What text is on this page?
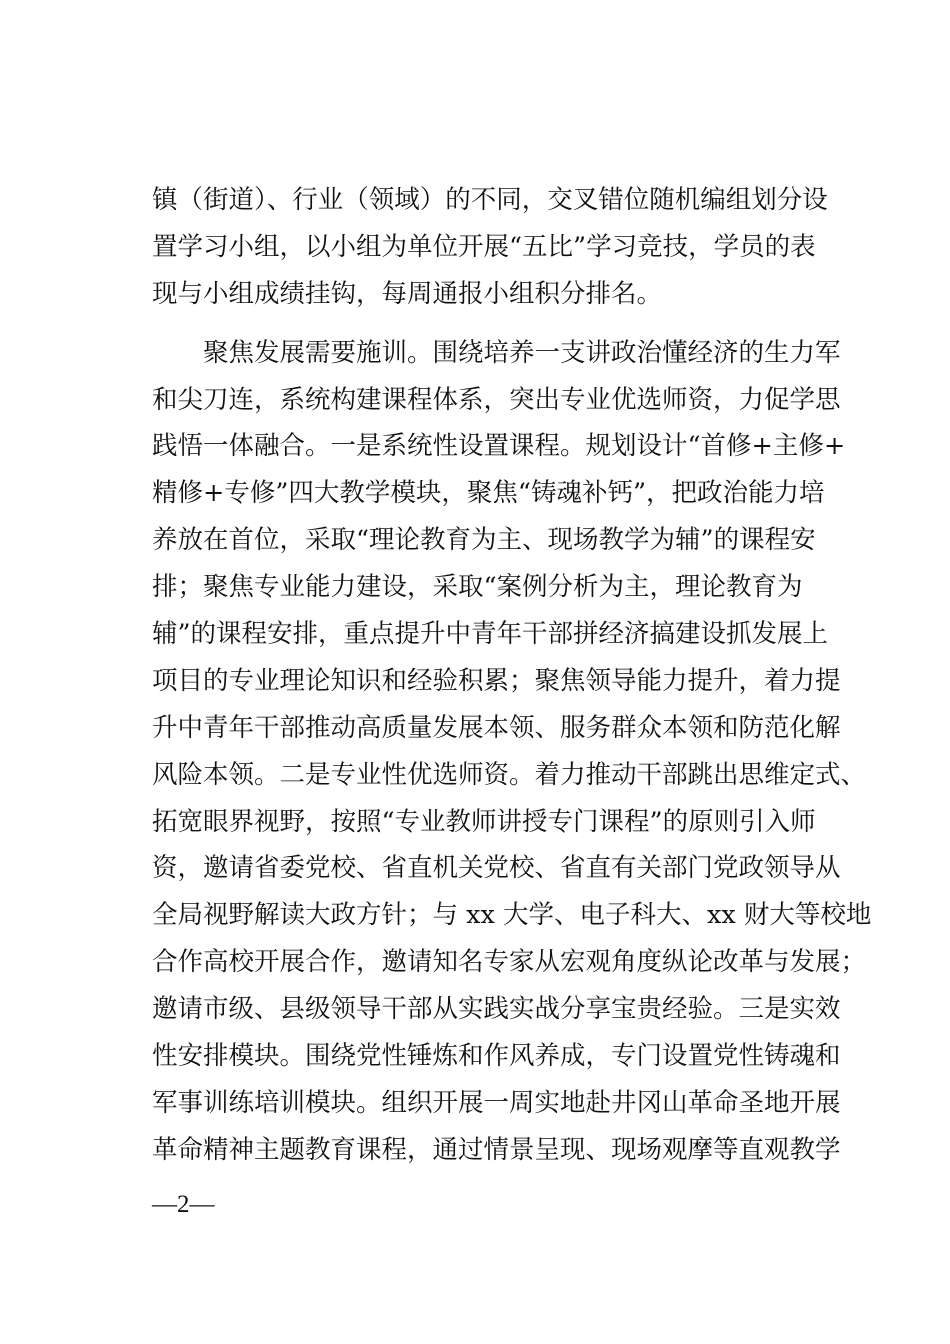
镇（街道）、行业（领域）的不同，交叉错位随机编组划分设
置学习小组，以小组为单位开展“五比”学习竞技，学员的表
现与小组成绩挂钩，每周通报小组积分排名。
聚焦发展需要施训。围绕培养一支讲政治懂经济的生力军
和尖刀连，系统构建课程体系，突出专业优选师资，力促学思
践悟一体融合。一是系统性设置课程。规划设计“首修+主修+
精修+专修”四大教学模块，聚焦“铸魂补钙”，把政治能力培
养放在首位，采取“理论教育为主、现场教学为辅”的课程安
排；聚焦专业能力建设，采取“案例分析为主，理论教育为
辅”的课程安排，重点提升中青年干部拼经济搞建设抓发展上
项目的专业理论知识和经验积累；聚焦领导能力提升，着力提
升中青年干部推动高质量发展本领、服务群众本领和防范化解
风险本领。二是专业性优选师资。着力推动干部跳出思维定式、
拓宽眼界视野，按照“专业教师讲授专门课程”的原则引入师
资，邀请省委党校、省直机关党校、省直有关部门党政领导从
全局视野解读大政方针；与 xx 大学、电子科大、xx 财大等校地
合作高校开展合作，邀请知名专家从宏观角度纵论改革与发展；
邀请市级、县级领导干部从实践实战分享宝贵经验。三是实效
性安排模块。围绕党性锤炼和作风养成，专门设置党性铸魂和
军事训练培训模块。组织开展一周实地赴井冈山革命圣地开展
革命精神主题教育课程，通过情景呈现、现场观摩等直观教学
—2—
